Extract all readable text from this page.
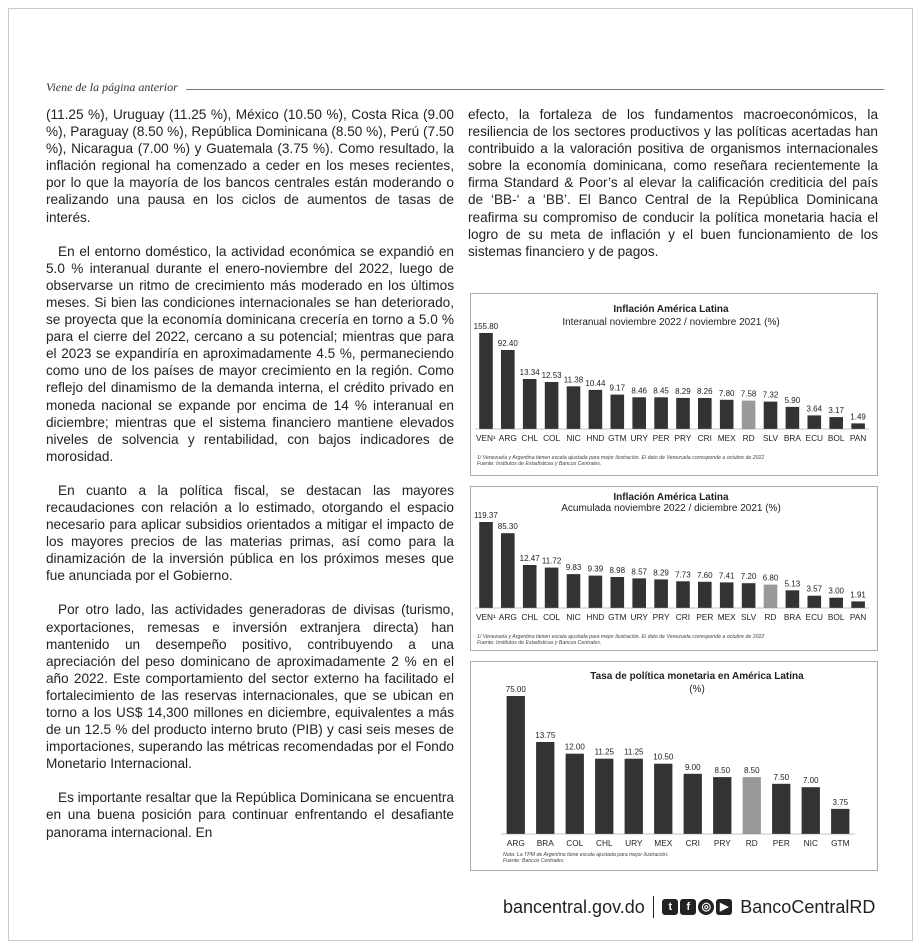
Viene de la página anterior

(11.25 %), Uruguay (11.25 %), México (10.50 %), Costa Rica (9.00 %), Paraguay (8.50 %), República Dominicana (8.50 %), Perú (7.50 %), Nicaragua (7.00 %) y Guatemala (3.75 %). Como resultado, la inflación regional ha comenzado a ceder en los meses recientes, por lo que la mayoría de los bancos centrales están moderando o realizando una pausa en los ciclos de aumentos de tasas de interés.

En el entorno doméstico, la actividad económica se expandió en 5.0 % interanual durante el enero-noviembre del 2022, luego de observarse un ritmo de crecimiento más moderado en los últimos meses. Si bien las condiciones internacionales se han deteriorado, se proyecta que la economía dominicana crecería en torno a 5.0 % para el cierre del 2022, cercano a su potencial; mientras que para el 2023 se expandiría en aproximadamente 4.5 %, permaneciendo como uno de los países de mayor crecimiento en la región. Como reflejo del dinamismo de la demanda interna, el crédito privado en moneda nacional se expande por encima de 14 % interanual en diciembre; mientras que el sistema financiero mantiene elevados niveles de solvencia y rentabilidad, con bajos indicadores de morosidad.

En cuanto a la política fiscal, se destacan las mayores recaudaciones con relación a lo estimado, otorgando el espacio necesario para aplicar subsidios orientados a mitigar el impacto de los mayores precios de las materias primas, así como para la dinamización de la inversión pública en los próximos meses que fue anunciada por el Gobierno.

Por otro lado, las actividades generadoras de divisas (turismo, exportaciones, remesas e inversión extranjera directa) han mantenido un desempeño positivo, contribuyendo a una apreciación del peso dominicano de aproximadamente 2 % en el año 2022. Este comportamiento del sector externo ha facilitado el fortalecimiento de las reservas internacionales, que se ubican en torno a los US$ 14,300 millones en diciembre, equivalentes a más de un 12.5 % del producto interno bruto (PIB) y casi seis meses de importaciones, superando las métricas recomendadas por el Fondo Monetario Internacional.

Es importante resaltar que la República Dominicana se encuentra en una buena posición para continuar enfrentando el desafiante panorama internacional. En

efecto, la fortaleza de los fundamentos macroeconómicos, la resiliencia de los sectores productivos y las políticas acertadas han contribuido a la valoración positiva de organismos internacionales sobre la economía dominicana, como reseñara recientemente la firma Standard & Poor’s al elevar la calificación crediticia del país de ‘BB-‘ a ‘BB’. El Banco Central de la República Dominicana reafirma su compromiso de conducir la política monetaria hacia el logro de su meta de inflación y el buen funcionamiento de los sistemas financiero y de pagos.

Inflación América Latina
Interanual noviembre 2022 / noviembre 2021 (%)
155.80
VEN¹
92.40
ARG
13.34
CHL
12.53
COL
11.38
NIC
10.44
HND
9.17
GTM
8.46
URY
8.45
PER
8.29
PRY
8.26
CRI
7.80
MEX
7.58
RD
7.32
SLV
5.90
BRA
3.64
ECU
3.17
BOL
1.49
PAN
1/ Venezuela y Argentina tienen escala ajustada para mejor ilustración. El dato de Venezuela corresponde a octubre de 2022
Fuente: Institutos de Estadísticas y Bancos Centrales.
Inflación América Latina
Acumulada noviembre 2022 / diciembre 2021 (%)
119.37
VEN¹
85.30
ARG
12.47
CHL
11.72
COL
9.83
NIC
9.39
HND
8.98
GTM
8.57
URY
8.29
PRY
7.73
CRI
7.60
PER
7.41
MEX
7.20
SLV
6.80
RD
5.13
BRA
3.57
ECU
3.00
BOL
1.91
PAN
1/ Venezuela y Argentina tienen escala ajustada para mejor ilustración. El dato de Venezuela corresponde a octubre de 2022
Fuente: Institutos de Estadísticas y Bancos Centrales.
Tasa de política monetaria en América Latina
(%)
75.00
ARG
13.75
BRA
12.00
COL
11.25
CHL
11.25
URY
10.50
MEX
9.00
CRI
8.50
PRY
8.50
RD
7.50
PER
7.00
NIC
3.75
GTM
Nota: La TPM de Argentina tiene escala ajustada para mejor ilustración.
Fuente: Bancos Centrales.
bancentral.gov.do	t	f	◎ ▶ BancoCentralRD
